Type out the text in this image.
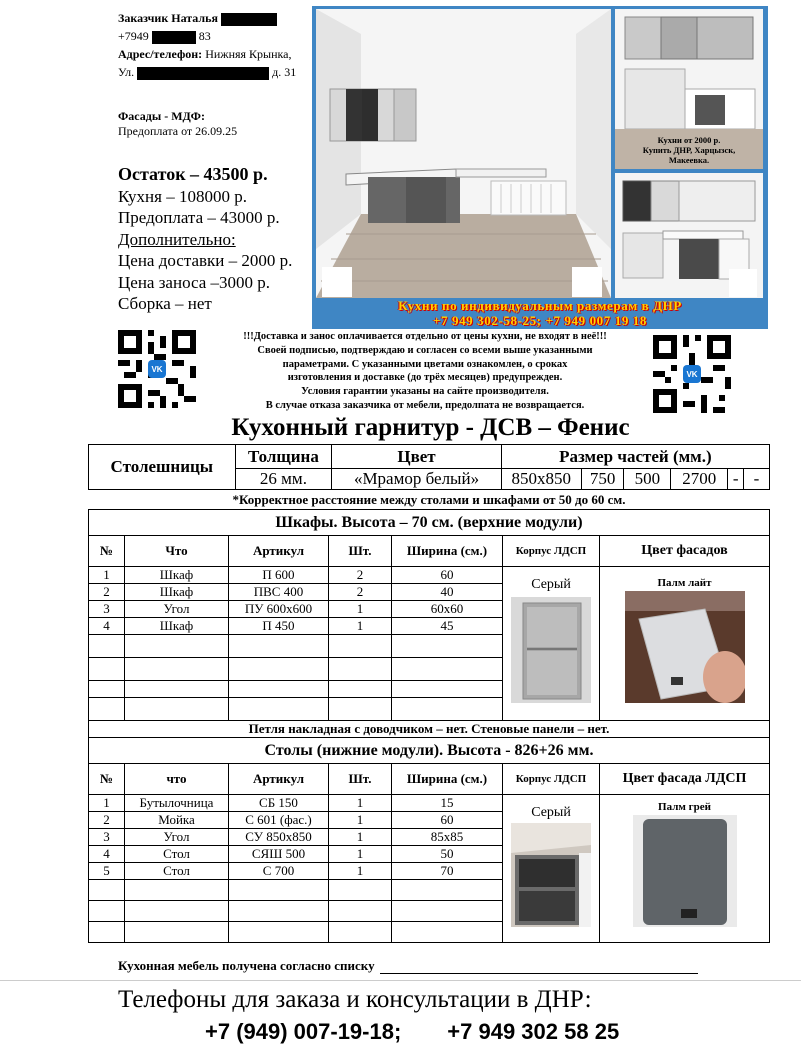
Заказчик Наталья
+7949	83
Адрес/телефон: Нижняя Крынка,
Ул.	д. 31
Фасады - МДФ:
Предоплата от 26.09.25
Остаток – 43500 р.
Кухня – 108000 р.
Предоплата – 43000 р.
Дополнительно:
Цена доставки – 2000 р.
Цена заноса –3000 р.
Сборка – нет
Кухни от 2000 р.
Купить ДНР, Харцызск,
Макеевка.
Кухни по индивидуальным размерам в ДНР
+7 949 302-58-25; +7 949 007 19 18
VK
VK
!!!Доставка и занос оплачивается отдельно от цены кухни, не входят в неё!!!
Своей подписью, подтверждаю и согласен со всеми выше указанными
параметрами. С указанными цветами ознакомлен, о сроках
изготовления и доставке (до трёх месяцев) предупрежден.
Условия гарантии указаны на сайте производителя.
В случае отказа заказчика от мебели, предолпата не возвращается.
Кухонный гарнитур - ДСВ – Фенис
Столешницы	Толщина	Цвет	Размер частей (мм.)					
	26 мм.	«Мрамор белый»	850x850	750	500	2700	-	-
*Корректное расстояние между столами и шкафами от 50 до 60 см.
Шкафы. Высота – 70 см. (верхние модули)						
№	Что	Артикул	Шт.	Ширина (см.)	Корпус ЛДСП	Цвет фасадов
1	Шкаф	П 600	2	60	Серый	Палм лайт

2	Шкаф	ПВС 400	2	40		
3	Угол	ПУ 600х600	1	60х60		
4	Шкаф	П 450	1	45		

Петля накладная с доводчиком – нет. Стеновые панели – нет.						
Столы (нижние модули). Высота - 826+26 мм.						
№	что	Артикул	Шт.	Ширина (см.)	Корпус ЛДСП	Цвет фасада ЛДСП
1	Бутылочница	СБ 150	1	15	Серый	Палм грей

2	Мойка	С 601 (фас.)	1	60		
3	Угол	СУ 850х850	1	85х85		
4	Стол	СЯШ 500	1	50		
5	Стол	С 700	1	70		

Кухонная мебель получена согласно списку
Телефоны для заказа и консультации в ДНР:
+7 (949) 007-19-18; +7 949 302 58 25
